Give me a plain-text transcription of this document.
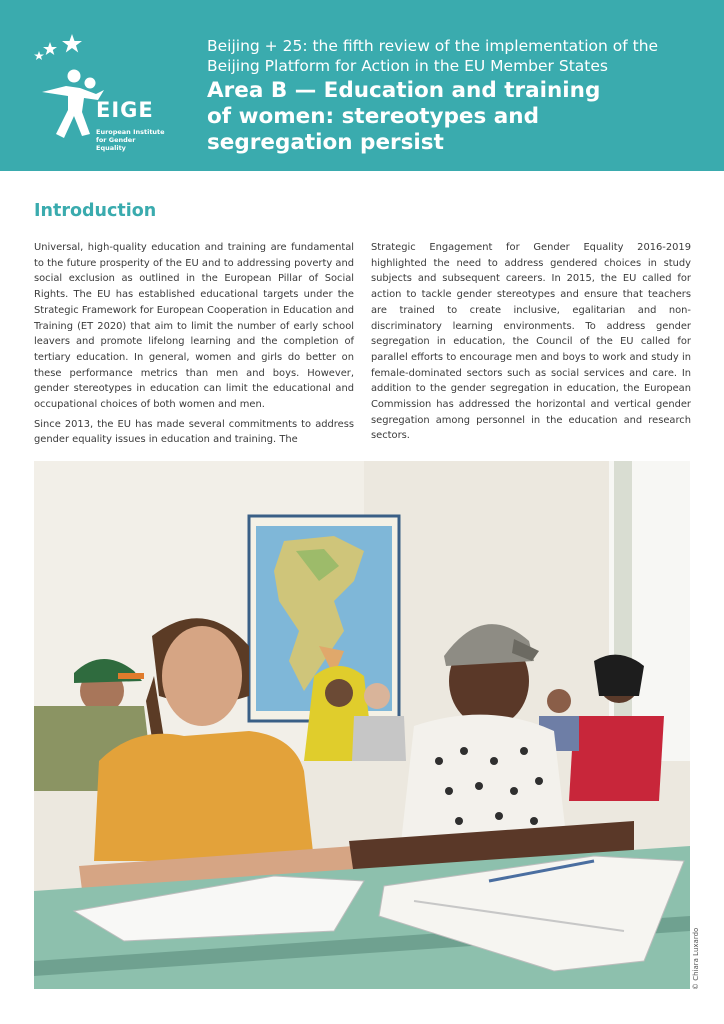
EIGE
European Institute for Gender Equality
Beijing + 25: the fifth review of the implementation of the Beijing Platform for Action in the EU Member States
Area B — Education and training of women: stereotypes and segregation persist
Introduction

Universal, high-quality education and training are fundamental to the future prosperity of the EU and to addressing poverty and social exclusion as outlined in the European Pillar of Social Rights. The EU has established educational targets under the Strategic Framework for European Cooperation in Education and Training (ET 2020) that aim to limit the number of early school leavers and promote lifelong learning and the completion of tertiary education. In general, women and girls do better on these performance metrics than men and boys. However, gender stereotypes in education can limit the educational and occupational choices of both women and men.

Since 2013, the EU has made several commitments to address gender equality issues in education and training. The

Strategic Engagement for Gender Equality 2016-2019 highlighted the need to address gendered choices in study subjects and subsequent careers. In 2015, the EU called for action to tackle gender stereotypes and ensure that teachers are trained to create inclusive, egalitarian and non-discriminatory learning environments. To address gender segregation in education, the Council of the EU called for parallel efforts to encourage men and boys to work and study in female-dominated sectors such as social services and care. In addition to the gender segregation in education, the European Commission has addressed the horizontal and vertical gender segregation among personnel in the education and research sectors.

© Chiara Luxardo
